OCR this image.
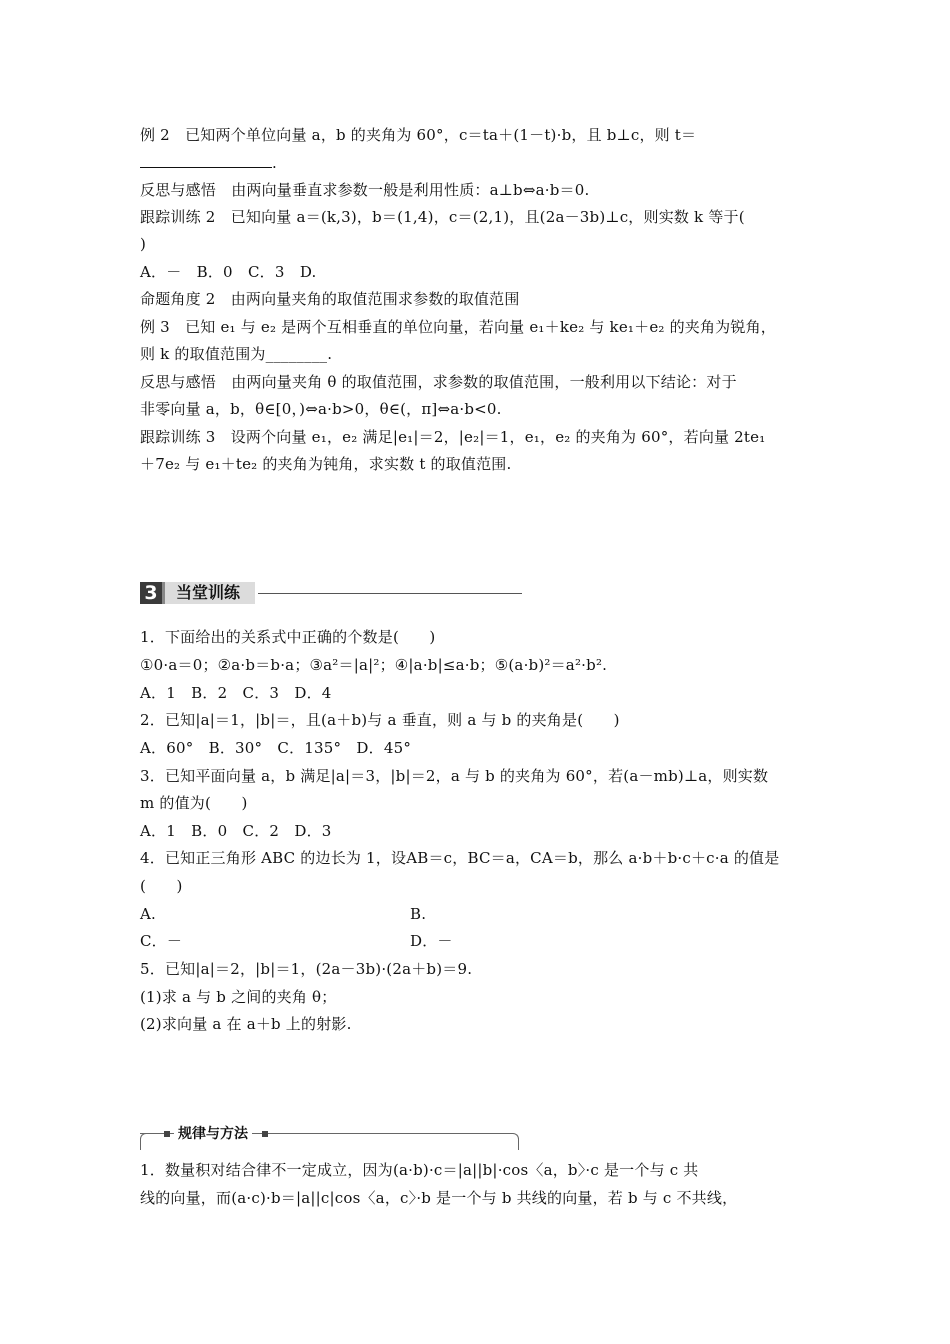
例 2　已知两个单位向量 a，b 的夹角为 60°，c＝ta＋(1－t)·b，且 b⊥c，则 t＝
.
反思与感悟　由两向量垂直求参数一般是利用性质：a⊥b⇔a·b＝0.
跟踪训练 2　已知向量 a＝(k,3)，b＝(1,4)，c＝(2,1)，且(2a－3b)⊥c，则实数 k 等于(
)
A．－　B．0　C．3　D.
命题角度 2　由两向量夹角的取值范围求参数的取值范围
例 3　已知 e₁ 与 e₂ 是两个互相垂直的单位向量，若向量 e₁＋ke₂ 与 ke₁＋e₂ 的夹角为锐角，
则 k 的取值范围为________.
反思与感悟　由两向量夹角 θ 的取值范围，求参数的取值范围，一般利用以下结论：对于
非零向量 a，b，θ∈[0，)⇔a·b>0，θ∈(，π]⇔a·b<0.
跟踪训练 3　设两个向量 e₁，e₂ 满足|e₁|＝2，|e₂|＝1，e₁，e₂ 的夹角为 60°，若向量 2te₁
＋7e₂ 与 e₁＋te₂ 的夹角为钝角，求实数 t 的取值范围.
1．下面给出的关系式中正确的个数是(　　)
①0·a＝0；②a·b＝b·a；③a²＝|a|²；④|a·b|≤a·b；⑤(a·b)²＝a²·b².
A．1　B．2　C．3　D．4
2．已知|a|＝1，|b|＝，且(a＋b)与 a 垂直，则 a 与 b 的夹角是(　　)
A．60°　B．30°　C．135°　D．45°
3．已知平面向量 a，b 满足|a|＝3，|b|＝2，a 与 b 的夹角为 60°，若(a－mb)⊥a，则实数
m 的值为(　　)
A．1　B．0　C．2　D．3
4．已知正三角形 ABC 的边长为 1，设AB＝c，BC＝a，CA＝b，那么 a·b＋b·c＋c·a 的值是
(　　)
A.	B.
C．－	D．－
5．已知|a|＝2，|b|＝1，(2a－3b)·(2a＋b)＝9.
(1)求 a 与 b 之间的夹角 θ；
(2)求向量 a 在 a＋b 上的射影.
1．数量积对结合律不一定成立，因为(a·b)·c＝|a||b|·cos〈a，b〉·c 是一个与 c 共
线的向量，而(a·c)·b＝|a||c|cos〈a，c〉·b 是一个与 b 共线的向量，若 b 与 c 不共线，
3 当堂训练
规律与方法
